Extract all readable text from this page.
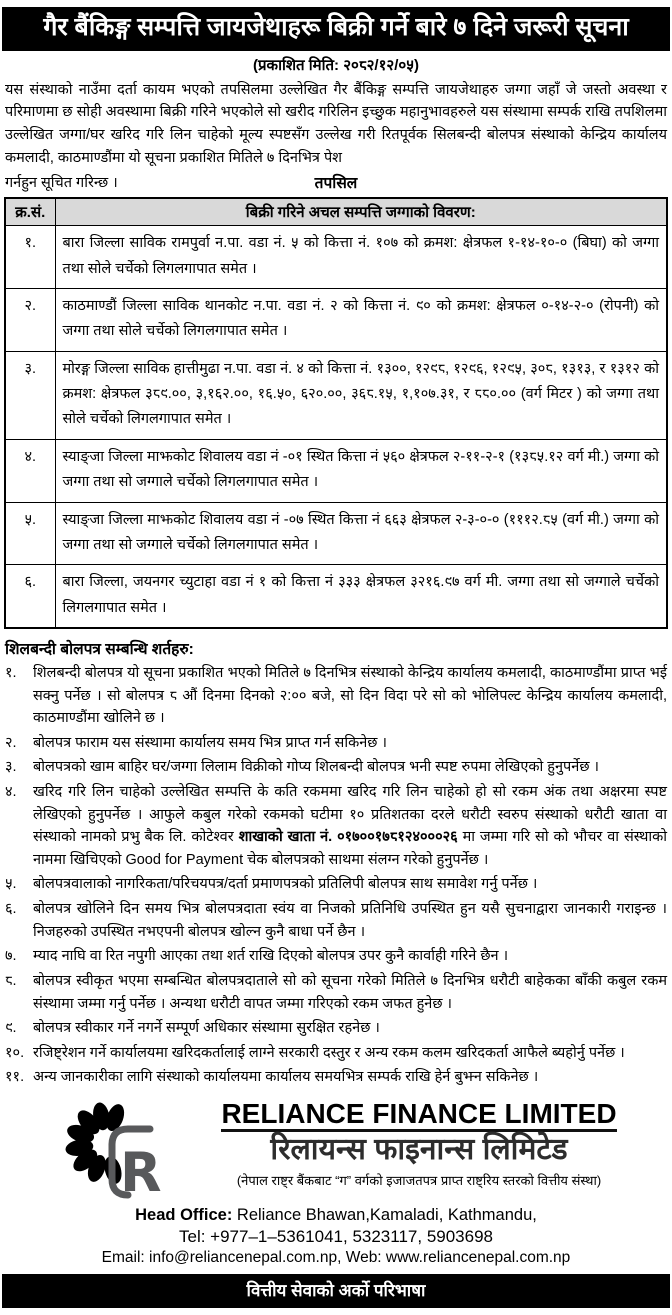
गैर बैंकिङ्ग सम्पत्ति जायजेथाहरू बिक्री गर्ने बारे ७ दिने जरूरी सूचना
(प्रकाशित मिति: २०८२/१२/०५)
यस संस्थाको नाउँमा दर्ता कायम भएको तपसिलमा उल्लेखित गैर बैंकिङ्ग सम्पत्ति जायजेथाहरु जग्गा जहाँ जे जस्तो अवस्था र परिमाणमा छ सोही अवस्थामा बिक्री गरिने भएकोले सो खरीद गरिलिन इच्छुक महानुभावहरुले यस संस्थामा सम्पर्क राखि तपशिलमा उल्लेखित जग्गा/घर खरिद गरि लिन चाहेको मूल्य स्पष्टसँग उल्लेख गरी रितपूर्वक सिलबन्दी बोलपत्र संस्थाको केन्द्रिय कार्यालय कमलादी, काठमाण्डौंमा यो सूचना प्रकाशित मितिले ७ दिनभित्र पेश
गर्नहुन सूचित गरिन्छ ।	तपसिल
क्र.सं.	बिक्री गरिने अचल सम्पत्ति जग्गाको विवरण:
१.	बारा जिल्ला साविक रामपुर्वा न.पा. वडा नं. ५ को कित्ता नं. १०७ को क्रमश: क्षेत्रफल १-१४-१०-० (बिघा) को जग्गा तथा सोले चर्चेको लिगलगापात समेत ।
२.	काठमाण्डौं जिल्ला साविक थानकोट न.पा. वडा नं. २ को कित्ता नं. ९० को क्रमश: क्षेत्रफल ०-१४-२-० (रोपनी) को जग्गा तथा सोले चर्चेको लिगलगापात समेत ।
३.	मोरङ्ग जिल्ला साविक हात्तीमुढा न.पा. वडा नं. ४ को कित्ता नं. १३००, १२९८, १२९६, १२९५, ३०८, १३१३, र १३१२ को क्रमश: क्षेत्रफल ३८९.००, ३,१६२.००, १६.५०, ६२०.००, ३६८.१५, १,१०७.३१, र ८८०.०० (वर्ग मिटर ) को जग्गा तथा सोले चर्चेको लिगलगापात समेत ।
४.	स्याङ्जा जिल्ला माझकोट शिवालय वडा नं -०१ स्थित कित्ता नं ५६० क्षेत्रफल २-११-२-१ (१३८५.१२ वर्ग मी.) जग्गा को जग्गा तथा सो जग्गाले चर्चेको लिगलगापात समेत ।
५.	स्याङ्जा जिल्ला माझकोट शिवालय वडा नं -०७ स्थित कित्ता नं ६६३ क्षेत्रफल २-३-०-० (१११२.८५ (वर्ग मी.) जग्गा को जग्गा तथा सो जग्गाले चर्चेको लिगलगापात समेत ।
६.	बारा जिल्ला, जयनगर च्युटाहा वडा नं १ को कित्ता नं ३३३ क्षेत्रफल ३२१६.९७ वर्ग मी. जग्गा तथा सो जग्गाले चर्चेको लिगलगापात समेत ।
शिलबन्दी बोलपत्र सम्बन्धि शर्तहरु:
१.	शिलबन्दी बोलपत्र यो सूचना प्रकाशित भएको मितिले ७ दिनभित्र संस्थाको केन्द्रिय कार्यालय कमलादी, काठमाण्डौंमा प्राप्त भई सक्नु पर्नेछ । सो बोलपत्र ८ औं दिनमा दिनको २:०० बजे, सो दिन विदा परे सो को भोलिपल्ट केन्द्रिय कार्यालय कमलादी, काठमाण्डौंमा खोलिने छ ।
२.	बोलपत्र फाराम यस संस्थामा कार्यालय समय भित्र प्राप्त गर्न सकिनेछ ।
३.	बोलपत्रको खाम बाहिर घर/जग्गा लिलाम विक्रीको गोप्य शिलबन्दी बोलपत्र भनी स्पष्ट रुपमा लेखिएको हुनुपर्नेछ ।
४.	खरिद गरि लिन चाहेको उल्लेखित सम्पत्ति के कति रकममा खरिद गरि लिन चाहेको हो सो रकम अंक तथा अक्षरमा स्पष्ट लेखिएको हुनुपर्नेछ । आफुले कबुल गरेको रकमको घटीमा १० प्रतिशतका दरले धरौटी स्वरुप संस्थाको धरौटी खाता वा संस्थाको नामको प्रभु बैक लि. कोटेश्वर शाखाको खाता नं. ०१७००१७८१२४०००२६ मा जम्मा गरि सो को भौचर वा संस्थाको नाममा खिचिएको Good for Payment चेक बोलपत्रको साथमा संलग्न गरेको हुनुपर्नेछ ।
५.	बोलपत्रवालाको नागरिकता/परिचयपत्र/दर्ता प्रमाणपत्रको प्रतिलिपी बोलपत्र साथ समावेश गर्नु पर्नेछ ।
६.	बोलपत्र खोलिने दिन समय भित्र बोलपत्रदाता स्वंय वा निजको प्रतिनिधि उपस्थित हुन यसै सुचनाद्वारा जानकारी गराइन्छ । निजहरुको उपस्थित नभएपनी बोलपत्र खोल्न कुनै बाधा पर्ने छैन ।
७.	म्याद नाघि वा रित नपुगी आएका तथा शर्त राखि दिएको बोलपत्र उपर कुनै कार्वाही गरिने छैन ।
८.	बोलपत्र स्वीकृत भएमा सम्बन्धित बोलपत्रदाताले सो को सूचना गरेको मितिले ७ दिनभित्र धरौटी बाहेकका बाँकी कबुल रकम संस्थामा जम्मा गर्नु पर्नेछ । अन्यथा धरौटी वापत जम्मा गरिएको रकम जफत हुनेछ ।
९.	बोलपत्र स्वीकार गर्ने नगर्ने सम्पूर्ण अधिकार संस्थामा सुरक्षित रहनेछ ।
१०. रजिष्ट्रेशन गर्ने कार्यालयमा खरिदकर्तालाई लाग्ने सरकारी दस्तुर र अन्य रकम कलम खरिदकर्ता आफैले ब्यहोर्नु पर्नेछ ।
११. अन्य जानकारीका लागि संस्थाको कार्यालयमा कार्यालय समयभित्र सम्पर्क राखि हेर्न बुझ्न सकिनेछ ।
R
RELIANCE FINANCE LIMITED
रिलायन्स फाइनान्स लिमिटेड
(नेपाल राष्ट्र बैंकबाट “ग” वर्गको इजाजतपत्र प्राप्त राष्ट्रिय स्तरको वित्तीय संस्था)
Head Office: Reliance Bhawan,Kamaladi, Kathmandu,
Tel: +977–1–5361041, 5323117, 5903698
Email: info@reliancenepal.com.np, Web: www.reliancenepal.com.np
वित्तीय सेवाको अर्को परिभाषा
